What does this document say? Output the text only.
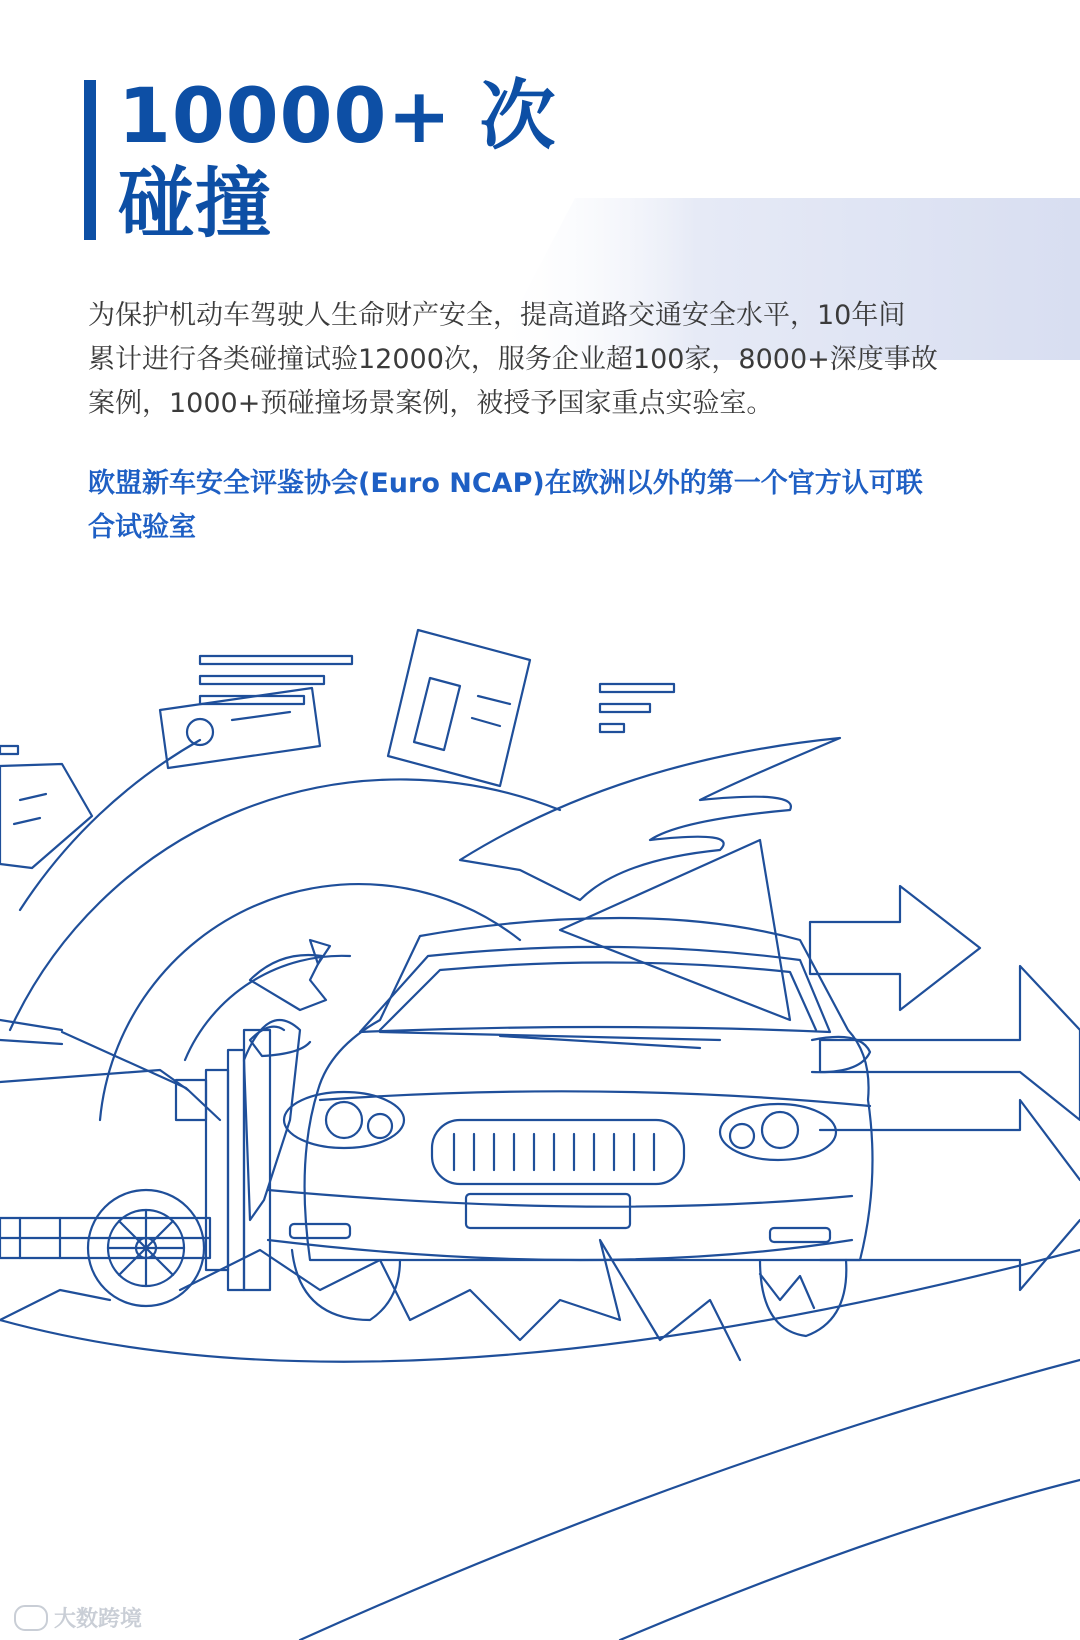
10000+ 次
碰撞
为保护机动车驾驶人生命财产安全，提高道路交通安全水平，10年间
累计进行各类碰撞试验12000次，服务企业超100家，8000+深度事故
案例，1000+预碰撞场景案例，被授予国家重点实验室。
欧盟新车安全评鉴协会(Euro NCAP)在欧洲以外的第一个官方认可联
合试验室
大数跨境
